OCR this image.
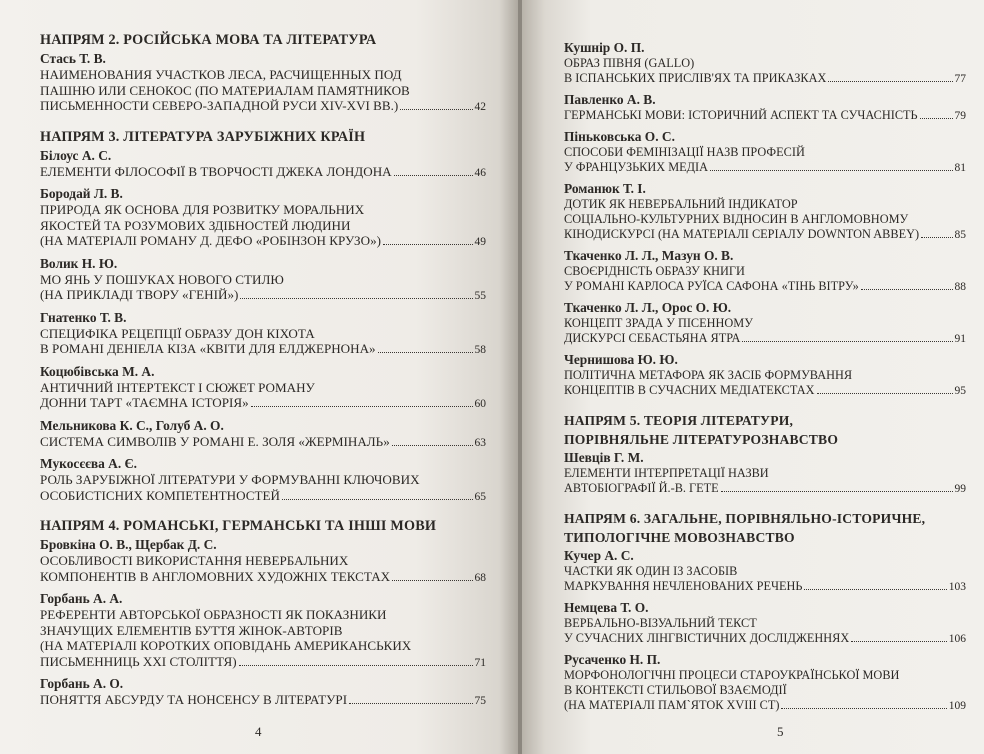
НАПРЯМ 2. РОСІЙСЬКА МОВА ТА ЛІТЕРАТУРА
Стась Т. В.
НАИМЕНОВАНИЯ УЧАСТКОВ ЛЕСА, РАСЧИЩЕННЫХ ПОД
ПАШНЮ ИЛИ СЕНОКОС (ПО МАТЕРИАЛАМ ПАМЯТНИКОВ
ПИСЬМЕННОСТИ СЕВЕРО-ЗАПАДНОЙ РУСИ XIV-XVI ВВ.)	42
НАПРЯМ 3. ЛІТЕРАТУРА ЗАРУБІЖНИХ КРАЇН
Білоус А. С.
ЕЛЕМЕНТИ ФІЛОСОФІЇ В ТВОРЧОСТІ ДЖЕКА ЛОНДОНА	46
Бородай Л. В.
ПРИРОДА ЯК ОСНОВА ДЛЯ РОЗВИТКУ МОРАЛЬНИХ
ЯКОСТЕЙ ТА РОЗУМОВИХ ЗДІБНОСТЕЙ ЛЮДИНИ
(НА МАТЕРІАЛІ РОМАНУ Д. ДЕФО «РОБІНЗОН КРУЗО»)	49
Волик Н. Ю.
МО ЯНЬ У ПОШУКАХ НОВОГО СТИЛЮ
(НА ПРИКЛАДІ ТВОРУ «ГЕНІЙ»)	55
Гнатенко Т. В.
СПЕЦИФІКА РЕЦЕПЦІЇ ОБРАЗУ ДОН КІХОТА
В РОМАНІ ДЕНІЕЛА КІЗА «КВІТИ ДЛЯ ЕЛДЖЕРНОНА»	58
Коцюбівська М. А.
АНТИЧНИЙ ІНТЕРТЕКСТ І СЮЖЕТ РОМАНУ
ДОННИ ТАРТ «ТАЄМНА ІСТОРІЯ»	60
Мельникова К. С., Голуб А. О.
СИСТЕМА СИМВОЛІВ У РОМАНІ Е. ЗОЛЯ «ЖЕРМІНАЛЬ»	63
Мукосєєва А. Є.
РОЛЬ ЗАРУБІЖНОЇ ЛІТЕРАТУРИ У ФОРМУВАННІ КЛЮЧОВИХ
ОСОБИСТІСНИХ КОМПЕТЕНТНОСТЕЙ	65
НАПРЯМ 4. РОМАНСЬКІ, ГЕРМАНСЬКІ ТА ІНШІ МОВИ
Бровкіна О. В., Щербак Д. С.
ОСОБЛИВОСТІ ВИКОРИСТАННЯ НЕВЕРБАЛЬНИХ
КОМПОНЕНТІВ В АНГЛОМОВНИХ ХУДОЖНІХ ТЕКСТАХ	68
Горбань А. А.
РЕФЕРЕНТИ АВТОРСЬКОЇ ОБРАЗНОСТІ ЯК ПОКАЗНИКИ
ЗНАЧУЩИХ ЕЛЕМЕНТІВ БУТТЯ ЖІНОК-АВТОРІВ
(НА МАТЕРІАЛІ КОРОТКИХ ОПОВІДАНЬ АМЕРИКАНСЬКИХ
ПИСЬМЕННИЦЬ XXI СТОЛІТТЯ)	71
Горбань А. О.
ПОНЯТТЯ АБСУРДУ ТА НОНСЕНСУ В ЛІТЕРАТУРІ	75
4
Кушнір О. П.
ОБРАЗ ПІВНЯ (GALLO)
В ІСПАНСЬКИХ ПРИСЛІВ'ЯХ ТА ПРИКАЗКАХ	77
Павленко А. В.
ГЕРМАНСЬКІ МОВИ: ІСТОРИЧНИЙ АСПЕКТ ТА СУЧАСНІСТЬ	79
Піньковська О. С.
СПОСОБИ ФЕМІНІЗАЦІЇ НАЗВ ПРОФЕСІЙ
У ФРАНЦУЗЬКИХ МЕДІА	81
Романюк Т. І.
ДОТИК ЯК НЕВЕРБАЛЬНИЙ ІНДИКАТОР
СОЦІАЛЬНО-КУЛЬТУРНИХ ВІДНОСИН В АНГЛОМОВНОМУ
КІНОДИСКУРСІ (НА МАТЕРІАЛІ СЕРІАЛУ DOWNTON ABBEY)	85
Ткаченко Л. Л., Мазун О. В.
СВОЄРІДНІСТЬ ОБРАЗУ КНИГИ
У РОМАНІ КАРЛОСА РУЇСА САФОНА «ТІНЬ ВІТРУ»	88
Ткаченко Л. Л., Орос О. Ю.
КОНЦЕПТ ЗРАДА У ПІСЕННОМУ
ДИСКУРСІ СЕБАСТЬЯНА ЯТРА	91
Чернишова Ю. Ю.
ПОЛІТИЧНА МЕТАФОРА ЯК ЗАСІБ ФОРМУВАННЯ
КОНЦЕПТІВ В СУЧАСНИХ МЕДІАТЕКСТАХ	95
НАПРЯМ 5. ТЕОРІЯ ЛІТЕРАТУРИ,
ПОРІВНЯЛЬНЕ ЛІТЕРАТУРОЗНАВСТВО
Шевців Г. М.
ЕЛЕМЕНТИ ІНТЕРПРЕТАЦІЇ НАЗВИ
АВТОБІОГРАФІЇ Й.-В. ГЕТЕ	99
НАПРЯМ 6. ЗАГАЛЬНЕ, ПОРІВНЯЛЬНО-ІСТОРИЧНЕ,
ТИПОЛОГІЧНЕ МОВОЗНАВСТВО
Кучер А. С.
ЧАСТКИ ЯК ОДИН ІЗ ЗАСОБІВ
МАРКУВАННЯ НЕЧЛЕНОВАНИХ РЕЧЕНЬ	103
Немцева Т. О.
ВЕРБАЛЬНО-ВІЗУАЛЬНИЙ ТЕКСТ
У СУЧАСНИХ ЛІНГВІСТИЧНИХ ДОСЛІДЖЕННЯХ	106
Русаченко Н. П.
МОРФОНОЛОГІЧНІ ПРОЦЕСИ СТАРОУКРАЇНСЬКОЇ МОВИ
В КОНТЕКСТІ СТИЛЬОВОЇ ВЗАЄМОДІЇ
(НА МАТЕРІАЛІ ПАМ`ЯТОК XVIII СТ)	109
5
